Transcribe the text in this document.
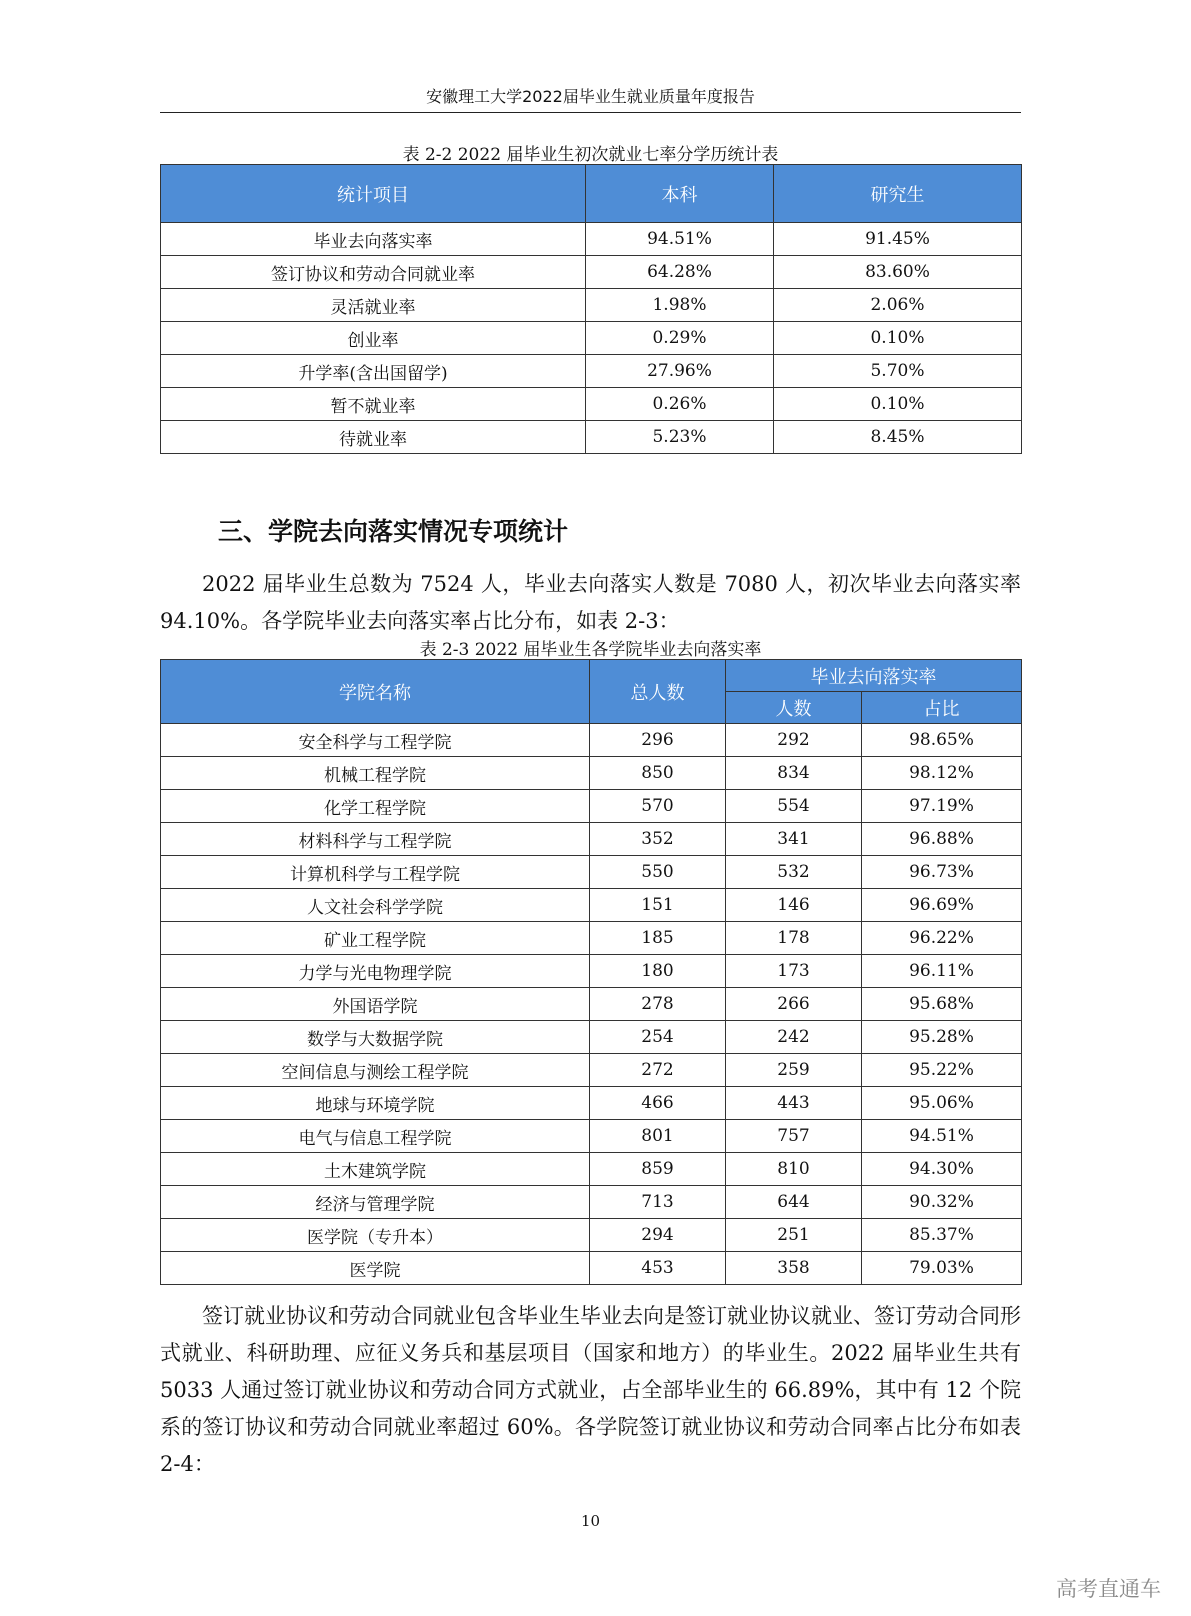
安徽理工大学2022届毕业生就业质量年度报告
表 2-2 2022 届毕业生初次就业七率分学历统计表
统计项目	本科	研究生
毕业去向落实率	94.51%	91.45%
签订协议和劳动合同就业率	64.28%	83.60%
灵活就业率	1.98%	2.06%
创业率	0.29%	0.10%
升学率(含出国留学)	27.96%	5.70%
暂不就业率	0.26%	0.10%
待就业率	5.23%	8.45%
三、学院去向落实情况专项统计
2022 届毕业生总数为 7524 人，毕业去向落实人数是 7080 人，初次毕业去向落实率 94.10%。各学院毕业去向落实率占比分布，如表 2-3：
表 2-3 2022 届毕业生各学院毕业去向落实率
学院名称	总人数	毕业去向落实率	
		人数	占比
安全科学与工程学院	296	292	98.65%
机械工程学院	850	834	98.12%
化学工程学院	570	554	97.19%
材料科学与工程学院	352	341	96.88%
计算机科学与工程学院	550	532	96.73%
人文社会科学学院	151	146	96.69%
矿业工程学院	185	178	96.22%
力学与光电物理学院	180	173	96.11%
外国语学院	278	266	95.68%
数学与大数据学院	254	242	95.28%
空间信息与测绘工程学院	272	259	95.22%
地球与环境学院	466	443	95.06%
电气与信息工程学院	801	757	94.51%
土木建筑学院	859	810	94.30%
经济与管理学院	713	644	90.32%
医学院（专升本）	294	251	85.37%
医学院	453	358	79.03%
签订就业协议和劳动合同就业包含毕业生毕业去向是签订就业协议就业、签订劳动合同形式就业、科研助理、应征义务兵和基层项目（国家和地方）的毕业生。2022 届毕业生共有 5033 人通过签订就业协议和劳动合同方式就业，占全部毕业生的 66.89%，其中有 12 个院系的签订协议和劳动合同就业率超过 60%。各学院签订就业协议和劳动合同率占比分布如表 2-4：
10
高考直通车
